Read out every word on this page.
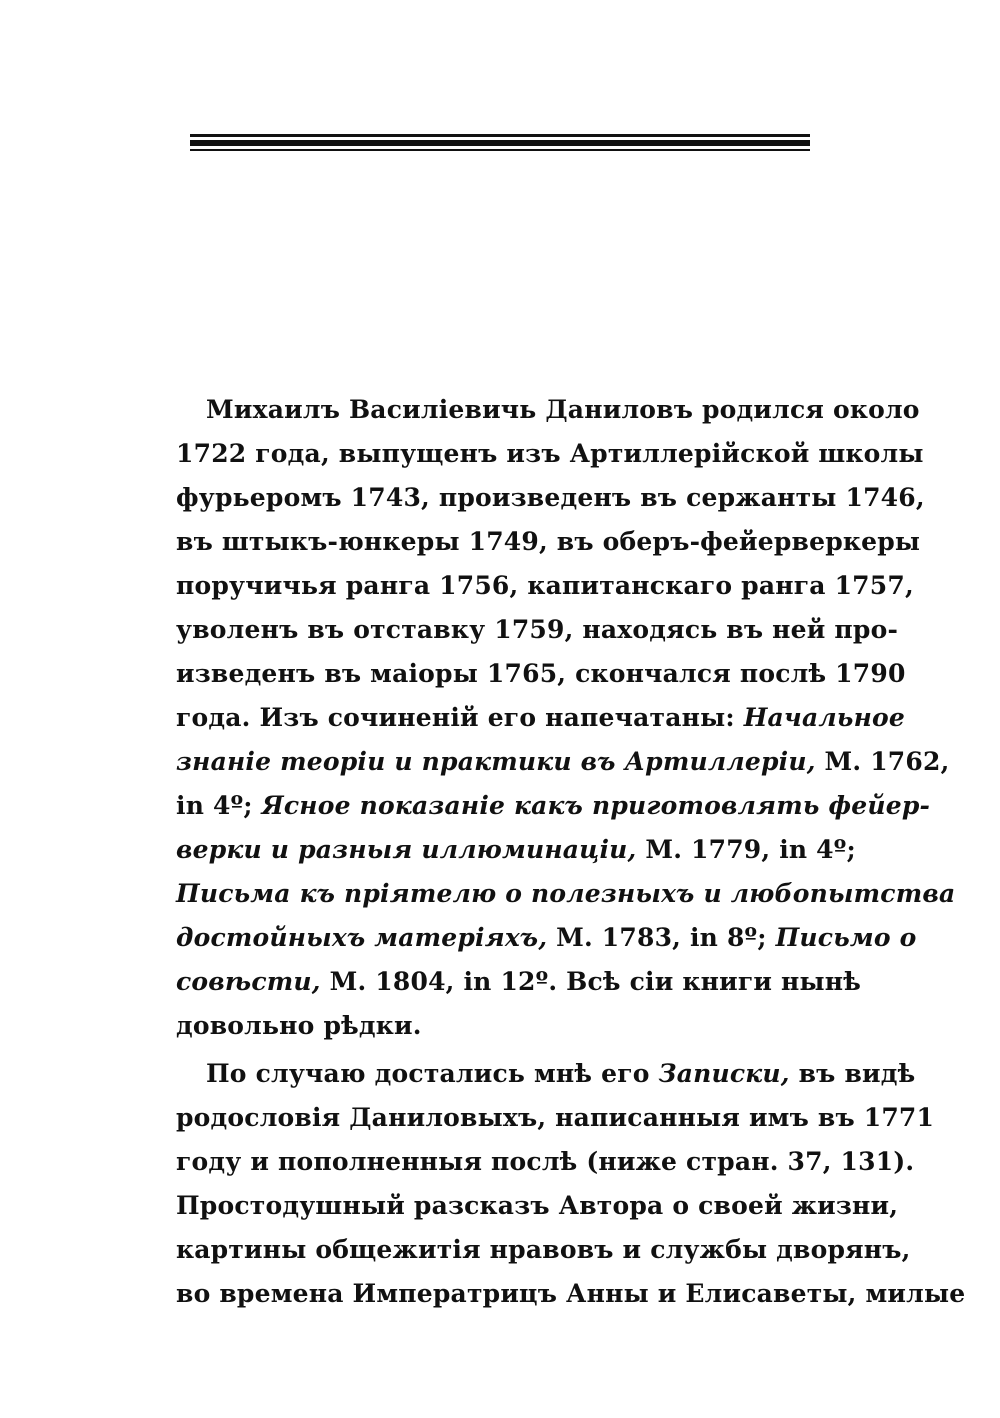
Михаилъ Василіевичь Даниловъ родился около
1722 года, выпущенъ изъ Артиллерійской школы
фурьеромъ 1743, произведенъ въ сержанты 1746,
въ штыкъ-юнкеры 1749, въ оберъ-фейерверкеры
поручичья ранга 1756, капитанскаго ранга 1757,
уволенъ въ отставку 1759, находясь въ ней про-
изведенъ въ маіоры 1765, скончался послѣ 1790
года. Изъ сочиненій его напечатаны: Начальное
знаніе теоріи и практики въ Артиллеріи, М. 1762,
in 4º; Ясное показаніе какъ приготовлять фейер-
верки и разныя иллюминаціи, М. 1779, in 4º;
Письма къ пріятелю о полезныхъ и любопытства
достойныхъ матеріяхъ, М. 1783, in 8º; Письмо о
совѣсти, М. 1804, in 12º. Всѣ сіи книги нынѣ
довольно рѣдки.
По случаю достались мнѣ его Записки, въ видѣ
родословія Даниловыхъ, написанныя имъ въ 1771
году и пополненныя послѣ (ниже стран. 37, 131).
Простодушный разсказъ Автора о своей жизни,
картины общежитія нравовъ и службы дворянъ,
во времена Императрицъ Анны и Елисаветы, милые
